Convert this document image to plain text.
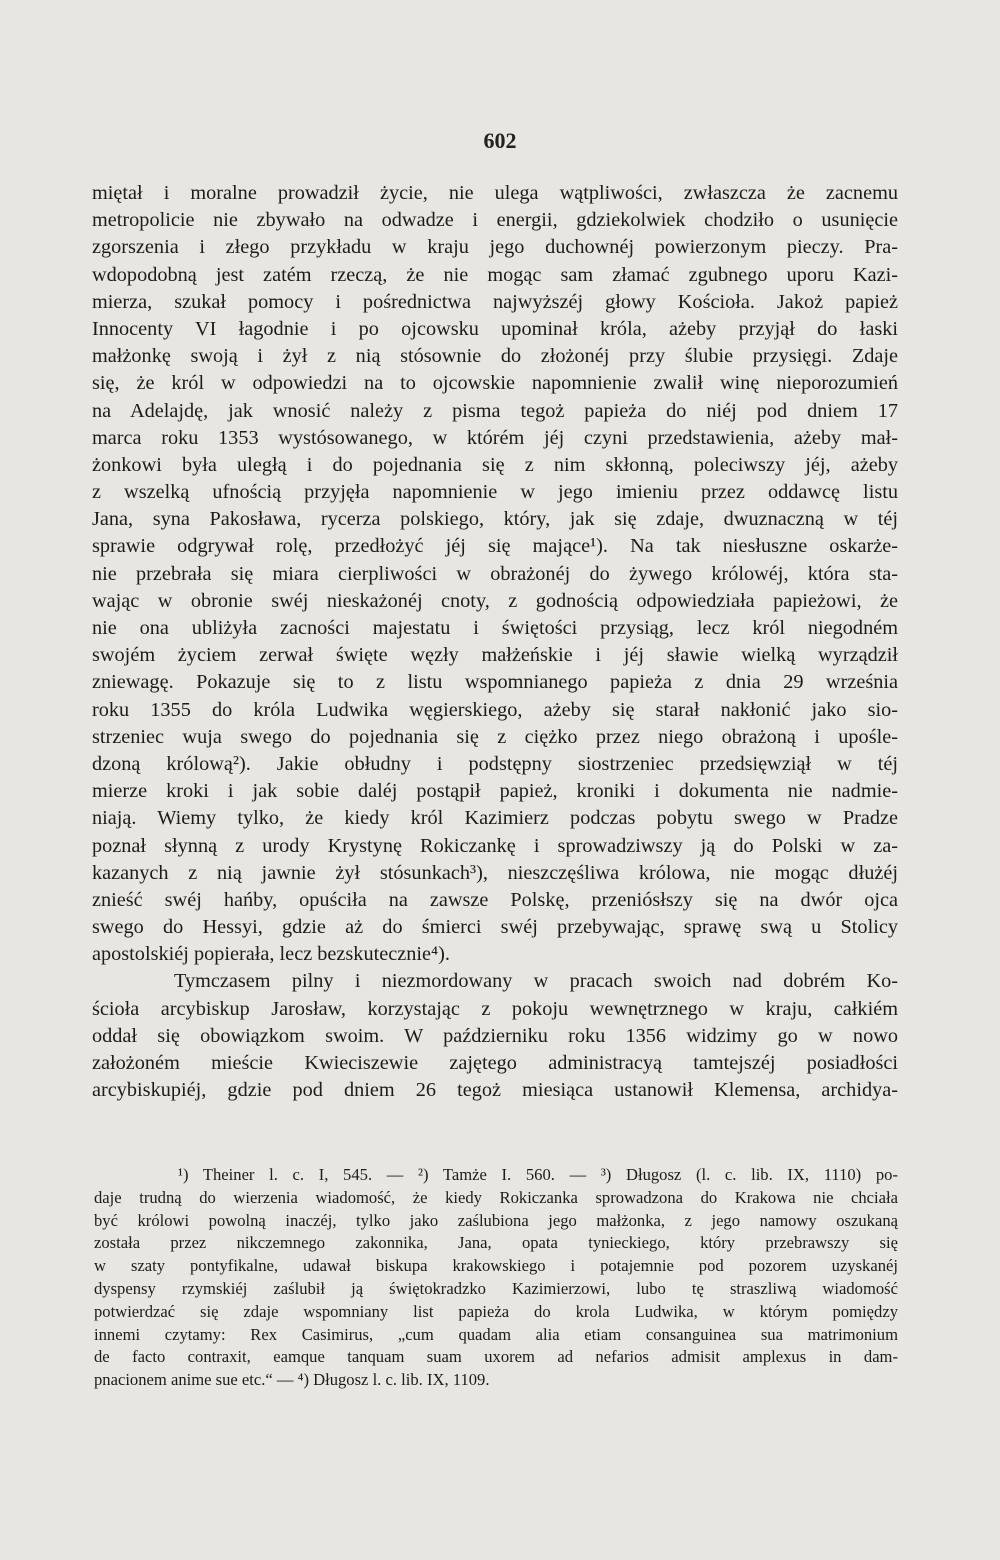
602
miętał i moralne prowadził życie, nie ulega wątpliwości, zwłaszcza że zacnemu
metropolicie nie zbywało na odwadze i energii, gdziekolwiek chodziło o usunięcie
zgorszenia i złego przykładu w kraju jego duchownéj powierzonym pieczy. Pra-
wdopodobną jest zatém rzeczą, że nie mogąc sam złamać zgubnego uporu Kazi-
mierza, szukał pomocy i pośrednictwa najwyższéj głowy Kościoła. Jakoż papież
Innocenty VI łagodnie i po ojcowsku upominał króla, ażeby przyjął do łaski
małżonkę swoją i żył z nią stósownie do złożonéj przy ślubie przysięgi. Zdaje
się, że król w odpowiedzi na to ojcowskie napomnienie zwalił winę nieporozumień
na Adelajdę, jak wnosić należy z pisma tegoż papieża do niéj pod dniem 17
marca roku 1353 wystósowanego, w którém jéj czyni przedstawienia, ażeby mał-
żonkowi była uległą i do pojednania się z nim skłonną, poleciwszy jéj, ażeby
z wszelką ufnością przyjęła napomnienie w jego imieniu przez oddawcę listu
Jana, syna Pakosława, rycerza polskiego, który, jak się zdaje, dwuznaczną w téj
sprawie odgrywał rolę, przedłożyć jéj się mające¹). Na tak niesłuszne oskarże-
nie przebrała się miara cierpliwości w obrażonéj do żywego królowéj, która sta-
wając w obronie swéj nieskażonéj cnoty, z godnością odpowiedziała papieżowi, że
nie ona ubliżyła zacności majestatu i świętości przysiąg, lecz król niegodném
swojém życiem zerwał święte węzły małżeńskie i jéj sławie wielką wyrządził
zniewagę. Pokazuje się to z listu wspomnianego papieża z dnia 29 września
roku 1355 do króla Ludwika węgierskiego, ażeby się starał nakłonić jako sio-
strzeniec wuja swego do pojednania się z ciężko przez niego obrażoną i upośle-
dzoną królową²). Jakie obłudny i podstępny siostrzeniec przedsięwziął w téj
mierze kroki i jak sobie daléj postąpił papież, kroniki i dokumenta nie nadmie-
niają. Wiemy tylko, że kiedy król Kazimierz podczas pobytu swego w Pradze
poznał słynną z urody Krystynę Rokiczankę i sprowadziwszy ją do Polski w za-
kazanych z nią jawnie żył stósunkach³), nieszczęśliwa królowa, nie mogąc dłużéj
znieść swéj hańby, opuściła na zawsze Polskę, przeniósłszy się na dwór ojca
swego do Hessyi, gdzie aż do śmierci swéj przebywając, sprawę swą u Stolicy
apostolskiéj popierała, lecz bezskutecznie⁴).
Tymczasem pilny i niezmordowany w pracach swoich nad dobrém Ko-
ścioła arcybiskup Jarosław, korzystając z pokoju wewnętrznego w kraju, całkiém
oddał się obowiązkom swoim. W październiku roku 1356 widzimy go w nowo
założoném mieście Kwieciszewie zajętego administracyą tamtejszéj posiadłości
arcybiskupiéj, gdzie pod dniem 26 tegoż miesiąca ustanowił Klemensa, archidya-
¹) Theiner l. c. I, 545. — ²) Tamże I. 560. — ³) Długosz (l. c. lib. IX, 1110) po-
daje trudną do wierzenia wiadomość, że kiedy Rokiczanka sprowadzona do Krakowa nie chciała
być królowi powolną inaczéj, tylko jako zaślubiona jego małżonka, z jego namowy oszukaną
została przez nikczemnego zakonnika, Jana, opata tynieckiego, który przebrawszy się
w szaty pontyfikalne, udawał biskupa krakowskiego i potajemnie pod pozorem uzyskanéj
dyspensy rzymskiéj zaślubił ją świętokradzko Kazimierzowi, lubo tę straszliwą wiadomość
potwierdzać się zdaje wspomniany list papieża do krola Ludwika, w którym pomiędzy
innemi czytamy: Rex Casimirus, „cum quadam alia etiam consanguinea sua matrimonium
de facto contraxit, eamque tanquam suam uxorem ad nefarios admisit amplexus in dam-
pnacionem anime sue etc.“ — ⁴) Długosz l. c. lib. IX, 1109.
